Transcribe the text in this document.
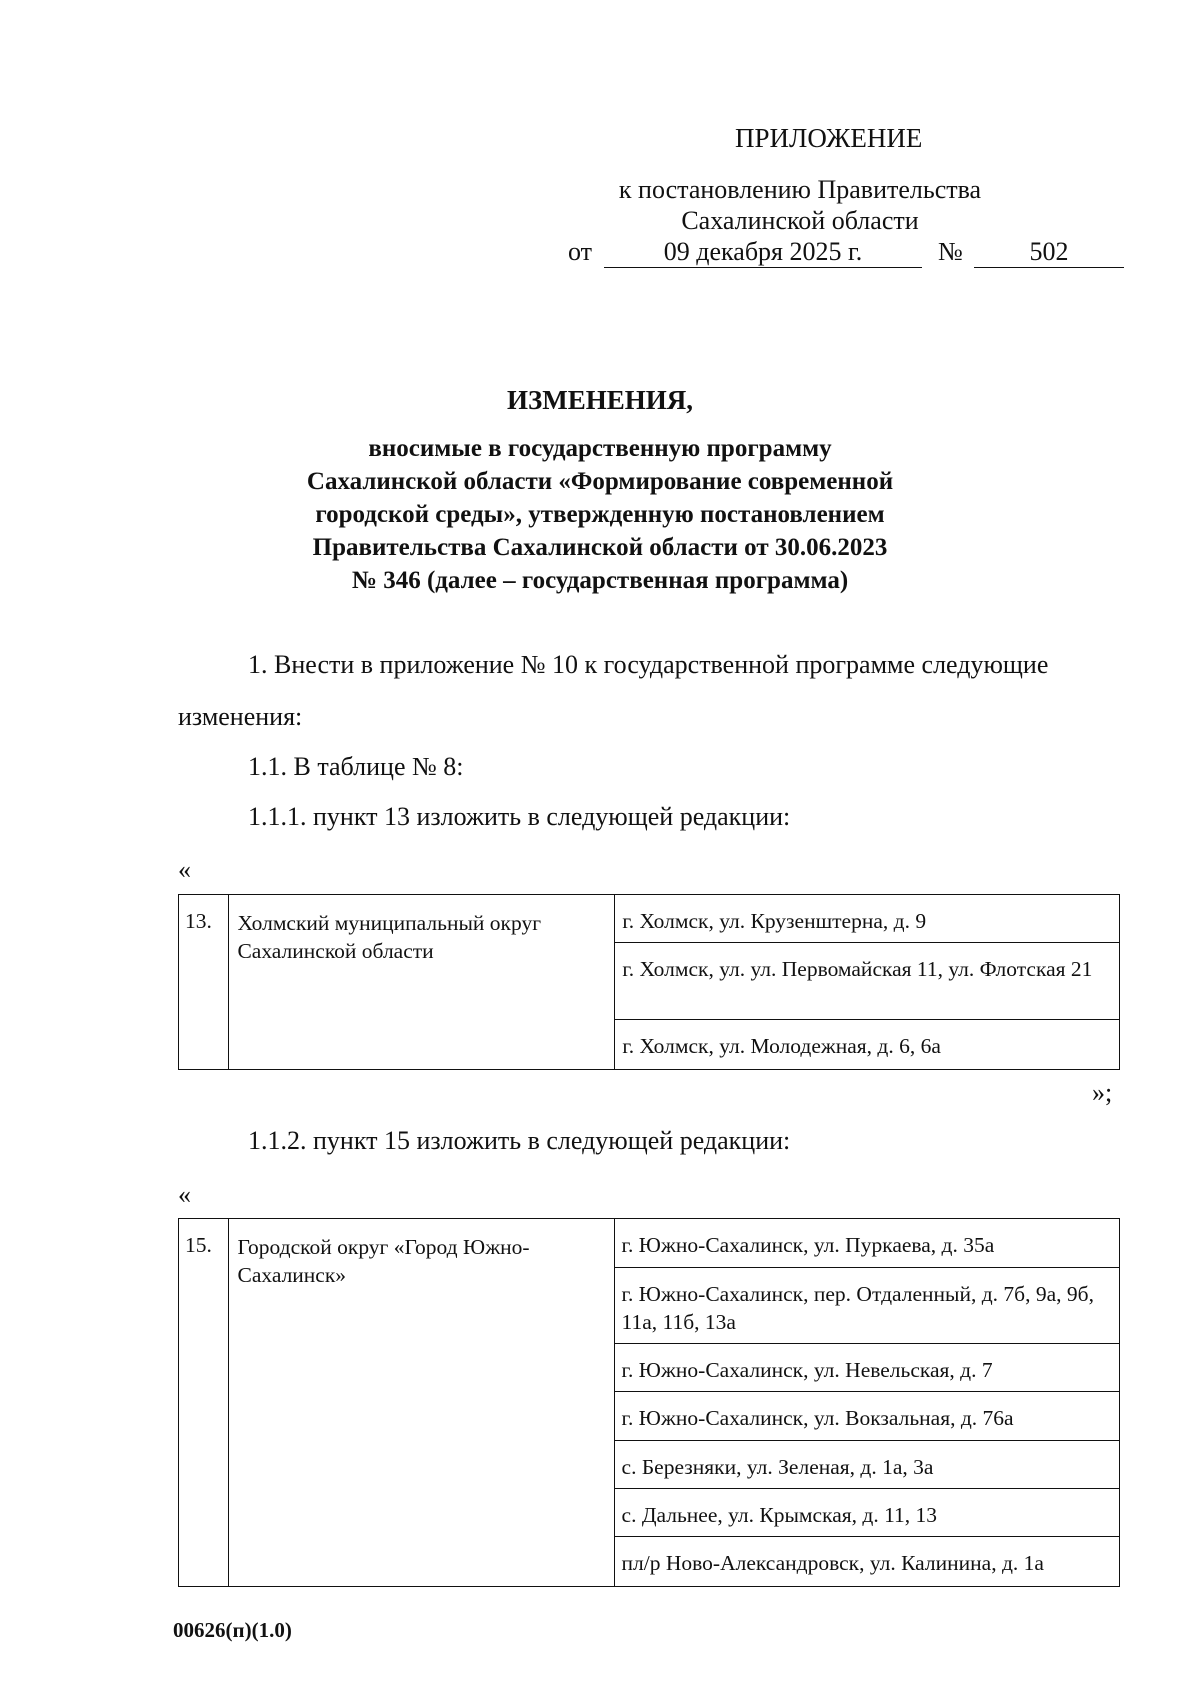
ПРИЛОЖЕНИЕ
к постановлению Правительства
Сахалинской области
от	09 декабря 2025 г.	№	502
ИЗМЕНЕНИЯ,
вносимые в государственную программу
Сахалинской области «Формирование современной
городской среды», утвержденную постановлением
Правительства Сахалинской области от 30.06.2023
№ 346 (далее – государственная программа)
1. Внести в приложение № 10 к государственной программе следующие
изменения:
1.1. В таблице № 8:
1.1.1. пункт 13 изложить в следующей редакции:
«
13.	Холмский муниципальный округ Сахалинской области	г. Холмск, ул. Крузенштерна, д. 9
г. Холмск, ул. ул. Первомайская 11, ул. Флотская 21
г. Холмск, ул. Молодежная, д. 6, 6а
»;
1.1.2. пункт 15 изложить в следующей редакции:
«
15.	Городской округ «Город Южно-Сахалинск»	г. Южно-Сахалинск, ул. Пуркаева, д. 35а
г. Южно-Сахалинск, пер. Отдаленный, д. 7б, 9а, 9б, 11а, 11б, 13а
г. Южно-Сахалинск, ул. Невельская, д. 7
г. Южно-Сахалинск, ул. Вокзальная, д. 76а
с. Березняки, ул. Зеленая, д. 1а, 3а
с. Дальнее, ул. Крымская, д. 11, 13
пл/р Ново-Александровск, ул. Калинина, д. 1а
00626(п)(1.0)
